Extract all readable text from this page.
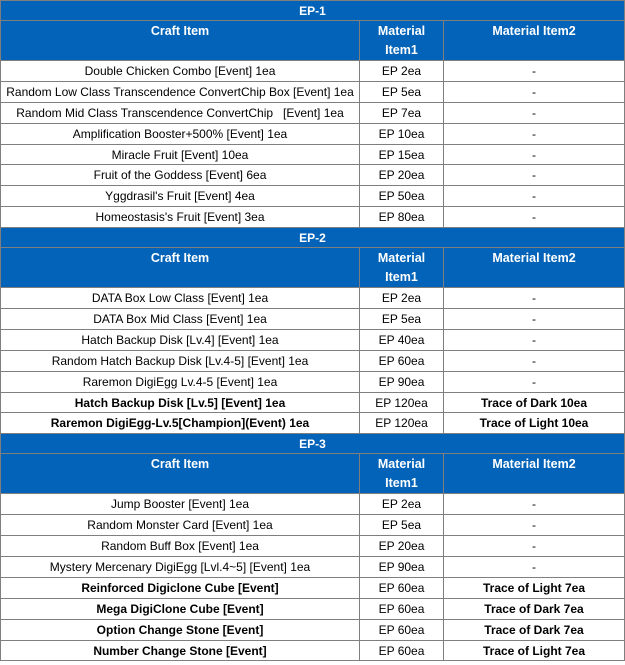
EP-1		
Craft Item	Material Item1	Material Item2
Double Chicken Combo [Event] 1ea	EP 2ea	-
Random Low Class Transcendence ConvertChip Box [Event] 1ea	EP 5ea	-
Random Mid Class Transcendence ConvertChip   [Event] 1ea	EP 7ea	-
Amplification Booster+500% [Event] 1ea	EP 10ea	-
Miracle Fruit [Event] 10ea	EP 15ea	-
Fruit of the Goddess [Event] 6ea	EP 20ea	-
Yggdrasil's Fruit [Event] 4ea	EP 50ea	-
Homeostasis's Fruit [Event] 3ea	EP 80ea	-
EP-2		
Craft Item	Material Item1	Material Item2
DATA Box Low Class [Event] 1ea	EP 2ea	-
DATA Box Mid Class [Event] 1ea	EP 5ea	-
Hatch Backup Disk [Lv.4] [Event] 1ea	EP 40ea	-
Random Hatch Backup Disk [Lv.4-5] [Event] 1ea	EP 60ea	-
Raremon DigiEgg Lv.4-5 [Event] 1ea	EP 90ea	-
Hatch Backup Disk [Lv.5] [Event] 1ea	EP 120ea	Trace of Dark 10ea
Raremon DigiEgg-Lv.5[Champion](Event) 1ea	EP 120ea	Trace of Light 10ea
EP-3		
Craft Item	Material Item1	Material Item2
Jump Booster [Event] 1ea	EP 2ea	-
Random Monster Card [Event] 1ea	EP 5ea	-
Random Buff Box [Event] 1ea	EP 20ea	-
Mystery Mercenary DigiEgg [Lvl.4~5] [Event] 1ea	EP 90ea	-
Reinforced Digiclone Cube [Event]	EP 60ea	Trace of Light 7ea
Mega DigiClone Cube [Event]	EP 60ea	Trace of Dark 7ea
Option Change Stone [Event]	EP 60ea	Trace of Dark 7ea
Number Change Stone [Event]	EP 60ea	Trace of Light 7ea
